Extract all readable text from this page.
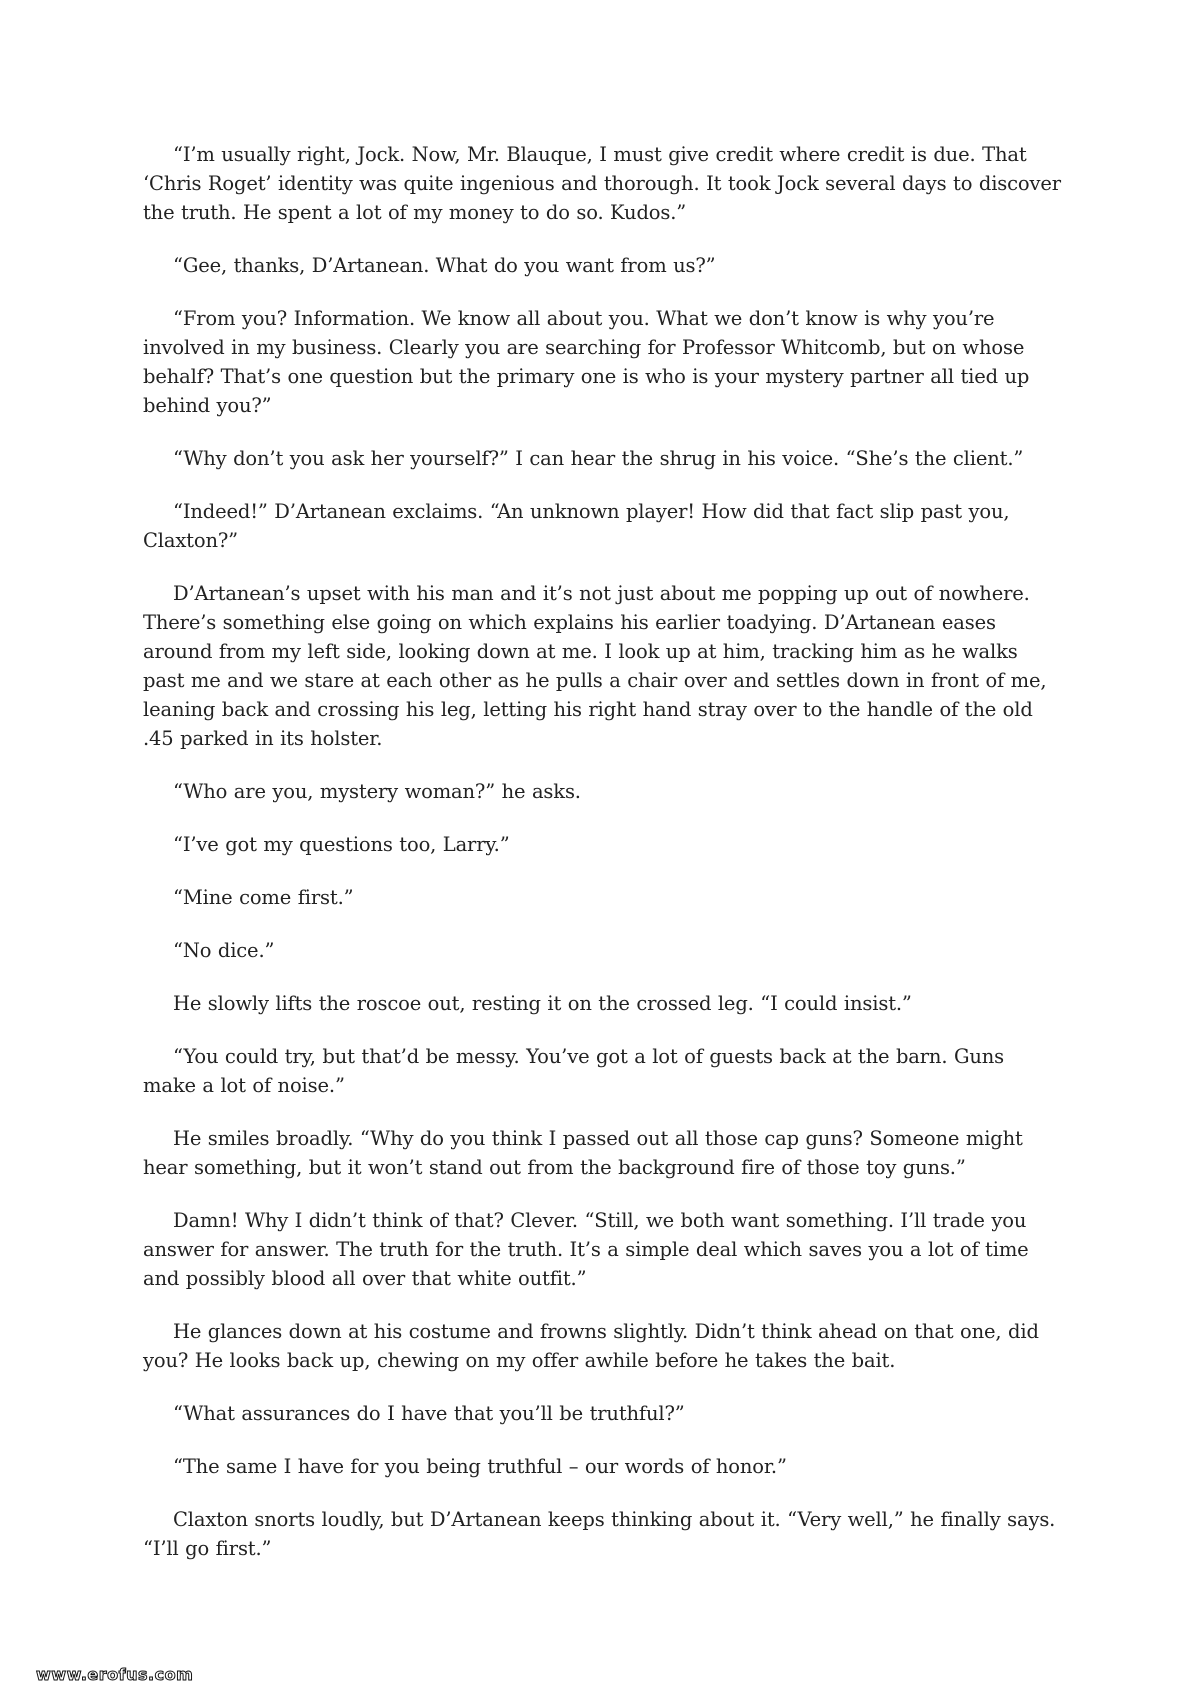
“I’m usually right, Jock. Now, Mr. Blauque, I must give credit where credit is due. That ‘Chris Roget’ identity was quite ingenious and thorough. It took Jock several days to discover the truth. He spent a lot of my money to do so. Kudos.”

“Gee, thanks, D’Artanean. What do you want from us?”

“From you? Information. We know all about you. What we don’t know is why you’re involved in my business. Clearly you are searching for Professor Whitcomb, but on whose behalf? That’s one question but the primary one is who is your mystery partner all tied up behind you?”

“Why don’t you ask her yourself?” I can hear the shrug in his voice. “She’s the client.”

“Indeed!” D’Artanean exclaims. “An unknown player! How did that fact slip past you, Claxton?”

D’Artanean’s upset with his man and it’s not just about me popping up out of nowhere. There’s something else going on which explains his earlier toadying. D’Artanean eases around from my left side, looking down at me. I look up at him, tracking him as he walks past me and we stare at each other as he pulls a chair over and settles down in front of me, leaning back and crossing his leg, letting his right hand stray over to the handle of the old .45 parked in its holster.

“Who are you, mystery woman?” he asks.

“I’ve got my questions too, Larry.”

“Mine come first.”

“No dice.”

He slowly lifts the roscoe out, resting it on the crossed leg. “I could insist.”

“You could try, but that’d be messy. You’ve got a lot of guests back at the barn. Guns make a lot of noise.”

He smiles broadly. “Why do you think I passed out all those cap guns? Someone might hear something, but it won’t stand out from the background fire of those toy guns.”

Damn! Why I didn’t think of that? Clever. “Still, we both want something. I’ll trade you answer for answer. The truth for the truth. It’s a simple deal which saves you a lot of time and possibly blood all over that white outfit.”

He glances down at his costume and frowns slightly. Didn’t think ahead on that one, did you? He looks back up, chewing on my offer awhile before he takes the bait.

“What assurances do I have that you’ll be truthful?”

“The same I have for you being truthful – our words of honor.”

Claxton snorts loudly, but D’Artanean keeps thinking about it. “Very well,” he finally says. “I’ll go first.”

www.erofus.com
